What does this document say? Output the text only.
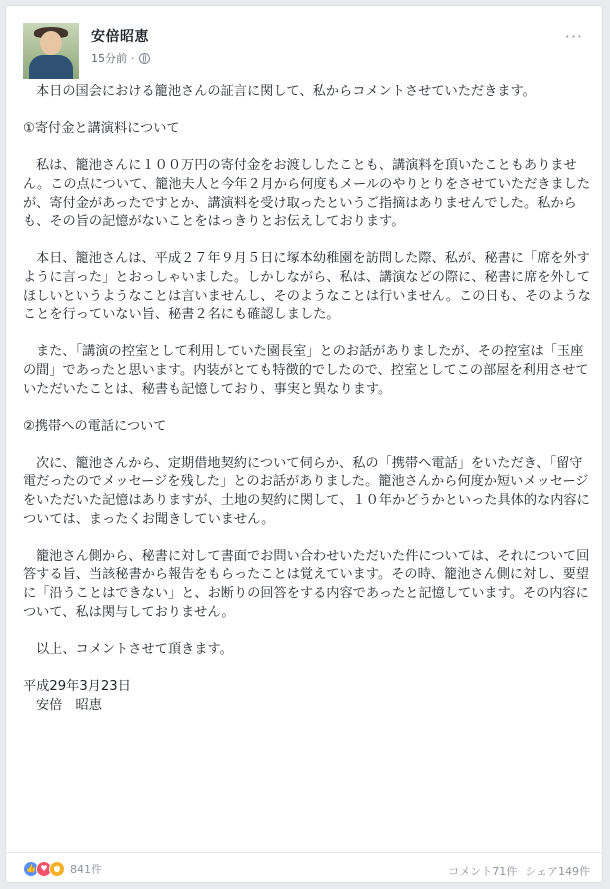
安倍昭恵
15分前 ·
···

本日の国会における籠池さんの証言に関して、私からコメントさせていただきます。

①寄付金と講演料について

私は、籠池さんに１００万円の寄付金をお渡ししたことも、講演料を頂いたこともありません。この点について、籠池夫人と今年２月から何度もメールのやりとりをさせていただきましたが、寄付金があったですとか、講演料を受け取ったというご指摘はありませんでした。私からも、その旨の記憶がないことをはっきりとお伝えしております。

本日、籠池さんは、平成２７年９月５日に塚本幼稚園を訪問した際、私が、秘書に「席を外すように言った」とおっしゃいました。しかしながら、私は、講演などの際に、秘書に席を外してほしいというようなことは言いませんし、そのようなことは行いません。この日も、そのようなことを行っていない旨、秘書２名にも確認しました。

また、「講演の控室として利用していた園長室」とのお話がありましたが、その控室は「玉座の間」であったと思います。内装がとても特徴的でしたので、控室としてこの部屋を利用させていただいたことは、秘書も記憶しており、事実と異なります。

②携帯への電話について

次に、籠池さんから、定期借地契約について伺らか、私の「携帯へ電話」をいただき、「留守電だったのでメッセージを残した」とのお話がありました。籠池さんから何度か短いメッセージをいただいた記憶はありますが、土地の契約に関して、１０年かどうかといった具体的な内容については、まったくお聞きしていません。

籠池さん側から、秘書に対して書面でお問い合わせいただいた件については、それについて回答する旨、当該秘書から報告をもらったことは覚えています。その時、籠池さん側に対し、要望に「沿うことはできない」と、お断りの回答をする内容であったと記憶しています。その内容について、私は関与しておりません。

以上、コメントさせて頂きます。

平成29年3月23日

安倍　昭恵

👍 ♥ ● 841件	コメント71件 シェア149件
